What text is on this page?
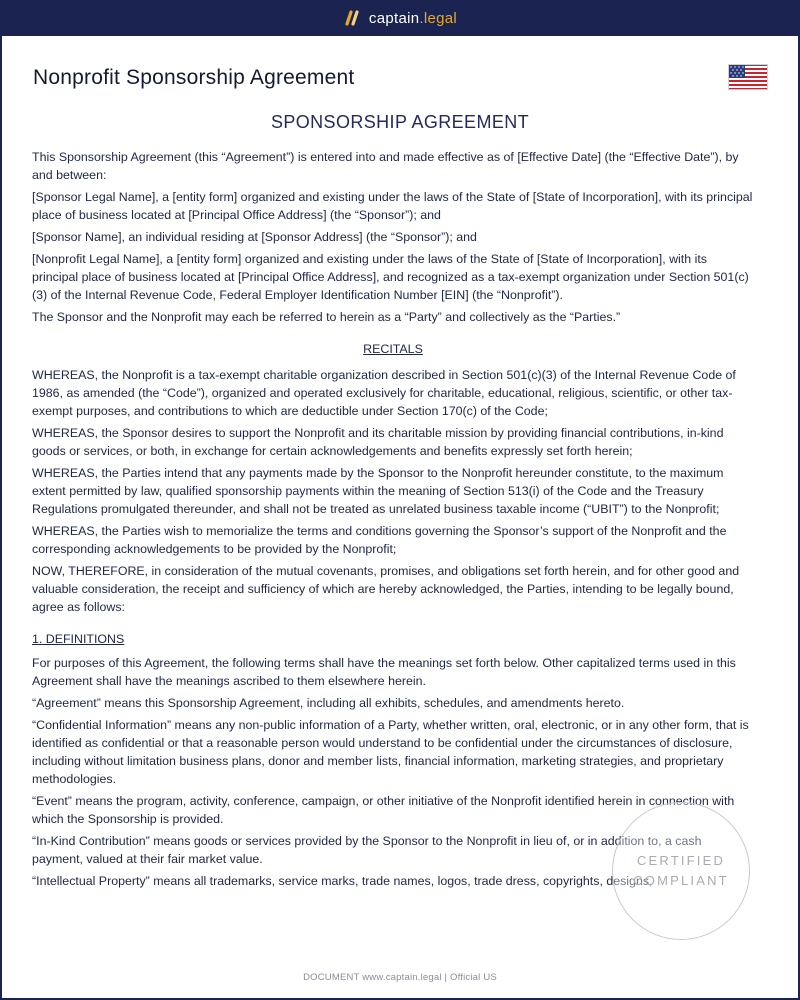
captain.legal
Nonprofit Sponsorship Agreement
SPONSORSHIP AGREEMENT

This Sponsorship Agreement (this “Agreement”) is entered into and made effective as of [Effective Date] (the “Effective Date”), by and between:

[Sponsor Legal Name], a [entity form] organized and existing under the laws of the State of [State of Incorporation], with its principal place of business located at [Principal Office Address] (the “Sponsor”); and

[Sponsor Name], an individual residing at [Sponsor Address] (the “Sponsor”); and

[Nonprofit Legal Name], a [entity form] organized and existing under the laws of the State of [State of Incorporation], with its principal place of business located at [Principal Office Address], and recognized as a tax-exempt organization under Section 501(c)(3) of the Internal Revenue Code, Federal Employer Identification Number [EIN] (the “Nonprofit”).

The Sponsor and the Nonprofit may each be referred to herein as a “Party” and collectively as the “Parties.”

RECITALS

WHEREAS, the Nonprofit is a tax-exempt charitable organization described in Section 501(c)(3) of the Internal Revenue Code of 1986, as amended (the “Code”), organized and operated exclusively for charitable, educational, religious, scientific, or other tax-exempt purposes, and contributions to which are deductible under Section 170(c) of the Code;

WHEREAS, the Sponsor desires to support the Nonprofit and its charitable mission by providing financial contributions, in-kind goods or services, or both, in exchange for certain acknowledgements and benefits expressly set forth herein;

WHEREAS, the Parties intend that any payments made by the Sponsor to the Nonprofit hereunder constitute, to the maximum extent permitted by law, qualified sponsorship payments within the meaning of Section 513(i) of the Code and the Treasury Regulations promulgated thereunder, and shall not be treated as unrelated business taxable income (“UBIT”) to the Nonprofit;

WHEREAS, the Parties wish to memorialize the terms and conditions governing the Sponsor’s support of the Nonprofit and the corresponding acknowledgements to be provided by the Nonprofit;

NOW, THEREFORE, in consideration of the mutual covenants, promises, and obligations set forth herein, and for other good and valuable consideration, the receipt and sufficiency of which are hereby acknowledged, the Parties, intending to be legally bound, agree as follows:

1. DEFINITIONS

For purposes of this Agreement, the following terms shall have the meanings set forth below. Other capitalized terms used in this Agreement shall have the meanings ascribed to them elsewhere herein.

“Agreement” means this Sponsorship Agreement, including all exhibits, schedules, and amendments hereto.

“Confidential Information” means any non-public information of a Party, whether written, oral, electronic, or in any other form, that is identified as confidential or that a reasonable person would understand to be confidential under the circumstances of disclosure, including without limitation business plans, donor and member lists, financial information, marketing strategies, and proprietary methodologies.

“Event” means the program, activity, conference, campaign, or other initiative of the Nonprofit identified herein in connection with which the Sponsorship is provided.

“In-Kind Contribution” means goods or services provided by the Sponsor to the Nonprofit in lieu of, or in addition to, a cash payment, valued at their fair market value.

“Intellectual Property” means all trademarks, service marks, trade names, logos, trade dress, copyrights, designs,

CERTIFIED
COMPLIANT
DOCUMENT www.captain.legal | Official US
